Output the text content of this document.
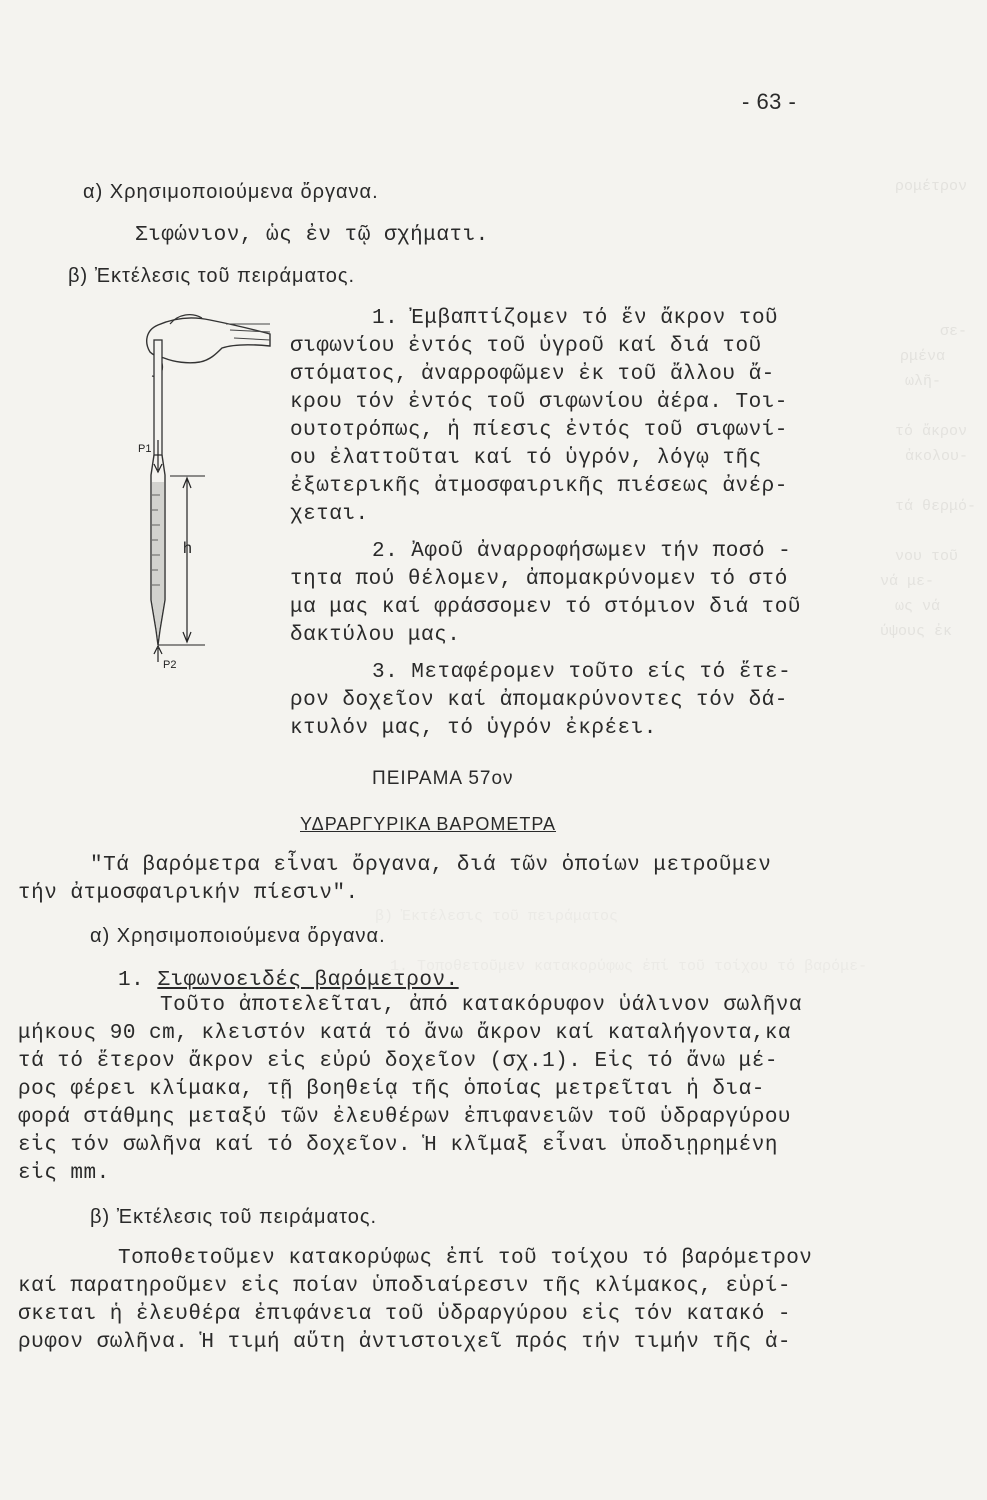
ρομέτρον
σε-
ρμένα
ωλῆ-
τό ἄκρον
ἀκολου-
τά θερμό-
νου τοῦ
νά με-
ως νά
ύψους ἐκ
β) Ἐκτέλεσις τοῦ πειράματος
1. Τοποθετοῦμεν κατακορύφως ἐπί τοῦ τοίχου τό βαρόμε-
- 63 -
α) Χρησιμοποιούμενα ὄργανα.
Σιφώνιον, ὡς ἐν τῷ σχήματι.
β) Ἐκτέλεσις τοῦ πειράματος.
1. Ἐμβαπτίζομεν τό ἕν ἄκρον τοῦ
σιφωνίου ἐντός τοῦ ὑγροῦ καί διά τοῦ
στόματος, ἀναρροφῶμεν ἐκ τοῦ ἄλλου ἄ-
κρου τόν ἐντός τοῦ σιφωνίου ἀέρα. Τοι-
ουτοτρόπως, ἡ πίεσις ἐντός τοῦ σιφωνί-
ου ἐλαττοῦται καί τό ὑγρόν, λόγῳ τῆς
ἐξωτερικῆς ἀτμοσφαιρικῆς πιέσεως ἀνέρ-
χεται.
2. Ἀφοῦ ἀναρροφήσωμεν τήν ποσό -
τητα πού θέλομεν, ἀπομακρύνομεν τό στό
μα μας καί φράσσομεν τό στόμιον διά τοῦ
δακτύλου μας.
3. Μεταφέρομεν τοῦτο είς τό ἕτε-
ρον δοχεῖον καί ἀπομακρύνοντες τόν δά-
κτυλόν μας, τό ὑγρόν ἐκρέει.
P1
h
P2
ΠΕΙΡΑΜΑ 57ον
ΥΔΡΑΡΓΥΡΙΚΑ ΒΑΡΟΜΕΤΡΑ
"Τά βαρόμετρα εἶναι ὄργανα, διά τῶν ὁποίων μετροῦμεν
τήν ἀτμοσφαιρικήν πίεσιν".
α) Χρησιμοποιούμενα ὄργανα.
1. Σιφωνοειδές βαρόμετρον.
Τοῦτο ἀποτελεῖται, ἀπό κατακόρυφον ὑάλινον σωλῆνα
μήκους 90 cm, κλειστόν κατά τό ἄνω ἄκρον καί καταλήγοντα,κα
τά τό ἕτερον ἄκρον εἰς εὐρύ δοχεῖον (σχ.1). Εἰς τό ἄνω μέ-
ρος φέρει κλίμακα, τῇ βοηθείᾳ τῆς ὁποίας μετρεῖται ἡ δια-
φορά στάθμης μεταξύ τῶν ἐλευθέρων ἐπιφανειῶν τοῦ ὑδραργύρου
εἰς τόν σωλῆνα καί τό δοχεῖον. Ἡ κλῖμαξ εἶναι ὑποδιῃρημένη
εἰς mm.
β) Ἐκτέλεσις τοῦ πειράματος.
Τοποθετοῦμεν κατακορύφως ἐπί τοῦ τοίχου τό βαρόμετρον
καί παρατηροῦμεν εἰς ποίαν ὑποδιαίρεσιν τῆς κλίμακος, εὑρί-
σκεται ἡ ἐλευθέρα ἐπιφάνεια τοῦ ὑδραργύρου εἰς τόν κατακό -
ρυφον σωλῆνα. Ἡ τιμή αὕτη ἀντιστοιχεῖ πρός τήν τιμήν τῆς ἀ-
